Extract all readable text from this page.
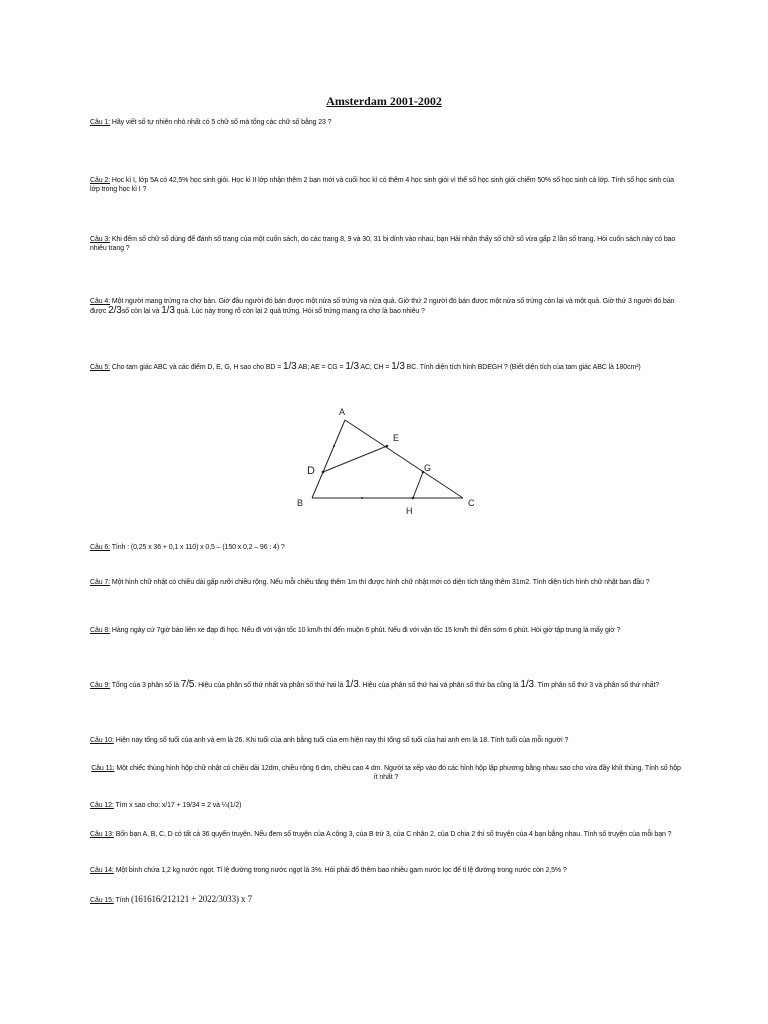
Amsterdam 2001-2002
Câu 1: Hãy viết số tự nhiên nhỏ nhất có 5 chữ số mà tổng các chữ số bằng 23 ?
Câu 2: Học kì I, lớp 5A có 42,5% học sinh giỏi. Học kì II lớp nhận thêm 2 bạn mới và cuối học kì có thêm 4 học sinh giỏi vì thế số học sinh giỏi chiếm 50% số học sinh cả lớp. Tính số học sinh của lớp trong học kì I ?
Câu 3: Khi đếm số chữ số dùng để đánh số trang của một cuốn sách, do các trang 8, 9 và 30, 31 bị dính vào nhau, bạn Hải nhận thấy số chữ số vừa gấp 2 lần số trang. Hỏi cuốn sách này có bao nhiêu trang ?
Câu 4: Một người mang trứng ra chợ bán. Giờ đầu người đó bán được một nửa số trứng và nửa quả. Giờ thứ 2 người đó bán được một nửa số trứng còn lại và một quả. Giờ thứ 3 người đó bán được 2/3số còn lại và 1/3 quả. Lúc này trong rổ còn lại 2 quả trứng. Hỏi số trứng mang ra chợ là bao nhiêu ?
Câu 5: Cho tam giác ABC và các điểm D, E, G, H sao cho BD = 1/3 AB; AE = CG = 1/3 AC; CH = 1/3 BC. Tính diện tích hình BDEGH ? (Biết diện tích của tam giác ABC là 180cm²)
A
E
D	G
B	C
H
Câu 6: Tính : (0,25 x 36 + 0,1 x 110) x 0,5 – (150 x 0,2 – 96 : 4) ?
Câu 7: Một hình chữ nhật có chiều dài gấp rưỡi chiều rộng. Nếu mỗi chiều tăng thêm 1m thì được hình chữ nhật mới có diện tích tăng thêm 31m2. Tính diện tích hình chữ nhật ban đầu ?
Câu 8: Hàng ngày cứ 7giờ bảo liên xe đạp đi học. Nếu đi với vận tốc 10 km/h thì đến muộn 6 phút. Nếu đi với vận tốc 15 km/h thì đến sớm 6 phút. Hỏi giờ tập trung là mấy giờ ?
Câu 9: Tổng của 3 phân số là 7/5. Hiệu của phân số thứ nhất và phân số thứ hai là 1/3. Hiệu của phân số thứ hai và phân số thứ ba cũng là 1/3. Tìm phân số thứ 3 và phân số thứ nhất?
Câu 10: Hiện nay tổng số tuổi của anh và em là 26. Khi tuổi của anh bằng tuổi của em hiện nay thì tổng số tuổi của hai anh em là 18. Tính tuổi của mỗi người ?
Câu 11: Một chiếc thùng hình hộp chữ nhật có chiều dài 12dm, chiều rộng 6 dm, chiều cao 4 dm. Người ta xếp vào đó các hình hộp lập phương bằng nhau sao cho vừa đầy khít thùng. Tính số hộp ít nhất ?
Câu 12: Tìm x sao cho: x/17 + 19/34 = 2 và ¼(1/2)
Câu 13: Bốn bạn A, B, C, D có tất cả 36 quyển truyện. Nếu đem số truyện của A cộng 3, của B trừ 3, của C nhân 2, của D chia 2 thì số truyện của 4 bạn bằng nhau. Tính số truyện của mỗi bạn ?
Câu 14: Một bình chứa 1,2 kg nước ngọt. Tỉ lệ đường trong nước ngọt là 3%. Hỏi phải đổ thêm bao nhiêu gam nước lọc để tỉ lệ đường trong nước còn 2,5% ?
Câu 15: Tính (161616/212121 + 2022/3033) x 7
